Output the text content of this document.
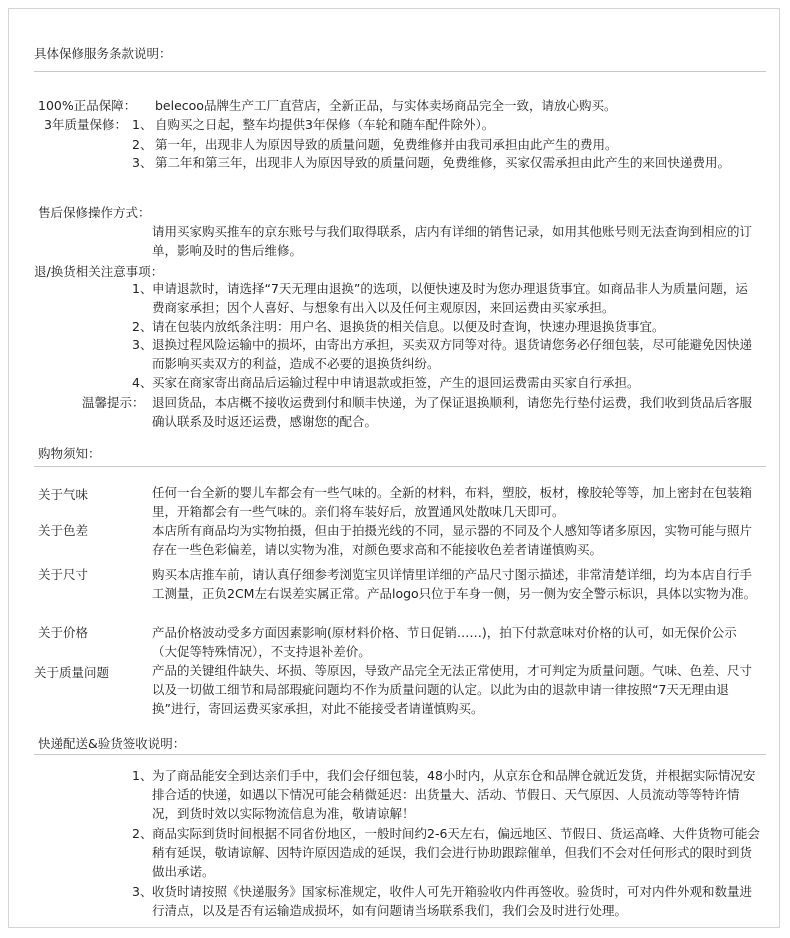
具体保修服务条款说明：
100%正品保障： belecoo品牌生产工厂直营店，全新正品，与实体卖场商品完全一致，请放心购买。
3年质量保修： 1、 自购买之日起，整车均提供3年保修（车轮和随车配件除外）。
2、 第一年，出现非人为原因导致的质量问题，免费维修并由我司承担由此产生的费用。
3、 第二年和第三年，出现非人为原因导致的质量问题，免费维修，买家仅需承担由此产生的来回快递费用。
售后保修操作方式：
请用买家购买推车的京东账号与我们取得联系，店内有详细的销售记录，如用其他账号则无法查询到相应的订单，影响及时的售后维修。
退/换货相关注意事项：
1、 申请退款时，请选择“7天无理由退换”的选项，以便快速及时为您办理退货事宜。如商品非人为质量问题，运费商家承担；因个人喜好、与想象有出入以及任何主观原因，来回运费由买家承担。
2、 请在包装内放纸条注明：用户名、退换货的相关信息。以便及时查询，快速办理退换货事宜。
3、 退换过程风险运输中的损坏，由寄出方承担，买卖双方同等对待。退货请您务必仔细包装，尽可能避免因快递而影响买卖双方的利益，造成不必要的退换货纠纷。
4、 买家在商家寄出商品后运输过程中申请退款或拒签，产生的退回运费需由买家自行承担。
温馨提示： 退回货品，本店概不接收运费到付和顺丰快递，为了保证退换顺利，请您先行垫付运费，我们收到货品后客服确认联系及时返还运费，感谢您的配合。
购物须知：
关于气味	任何一台全新的婴儿车都会有一些气味的。全新的材料，布料，塑胶，板材，橡胶轮等等，加上密封在包装箱里，开箱都会有一些气味的。亲们将车装好后，放置通风处散味几天即可。
关于色差	本店所有商品均为实物拍摄，但由于拍摄光线的不同，显示器的不同及个人感知等诸多原因，实物可能与照片存在一些色彩偏差，请以实物为准，对颜色要求高和不能接收色差者请谨慎购买。
关于尺寸	购买本店推车前，请认真仔细参考浏览宝贝详情里详细的产品尺寸图示描述，非常清楚详细，均为本店自行手工测量，正负2CM左右误差实属正常。产品logo只位于车身一侧，另一侧为安全警示标识，具体以实物为准。
关于价格	产品价格波动受多方面因素影响(原材料价格、节日促销……)，拍下付款意味对价格的认可，如无保价公示（大促等特殊情况），不支持退补差价。
关于质量问题	产品的关键组件缺失、坏损、等原因，导致产品完全无法正常使用，才可判定为质量问题。气味、色差、尺寸以及一切做工细节和局部瑕疵问题均不作为质量问题的认定。以此为由的退款申请一律按照“7天无理由退换”进行，寄回运费买家承担，对此不能接受者请谨慎购买。
快递配送&验货签收说明：
1、 为了商品能安全到达亲们手中，我们会仔细包装，48小时内，从京东仓和品牌仓就近发货，并根据实际情况安排合适的快递，如遇以下情况可能会稍微延迟：出货量大、活动、节假日、天气原因、人员流动等等特许情况，到货时效以实际物流信息为准，敬请谅解！
2、 商品实际到货时间根据不同省份地区，一般时间约2-6天左右，偏远地区、节假日、货运高峰、大件货物可能会稍有延误，敬请谅解、因特许原因造成的延误，我们会进行协助跟踪催单，但我们不会对任何形式的限时到货做出承诺。
3、 收货时请按照《快递服务》国家标准规定，收件人可先开箱验收内件再签收。验货时，可对内件外观和数量进行清点，以及是否有运输造成损坏，如有问题请当场联系我们，我们会及时进行处理。
